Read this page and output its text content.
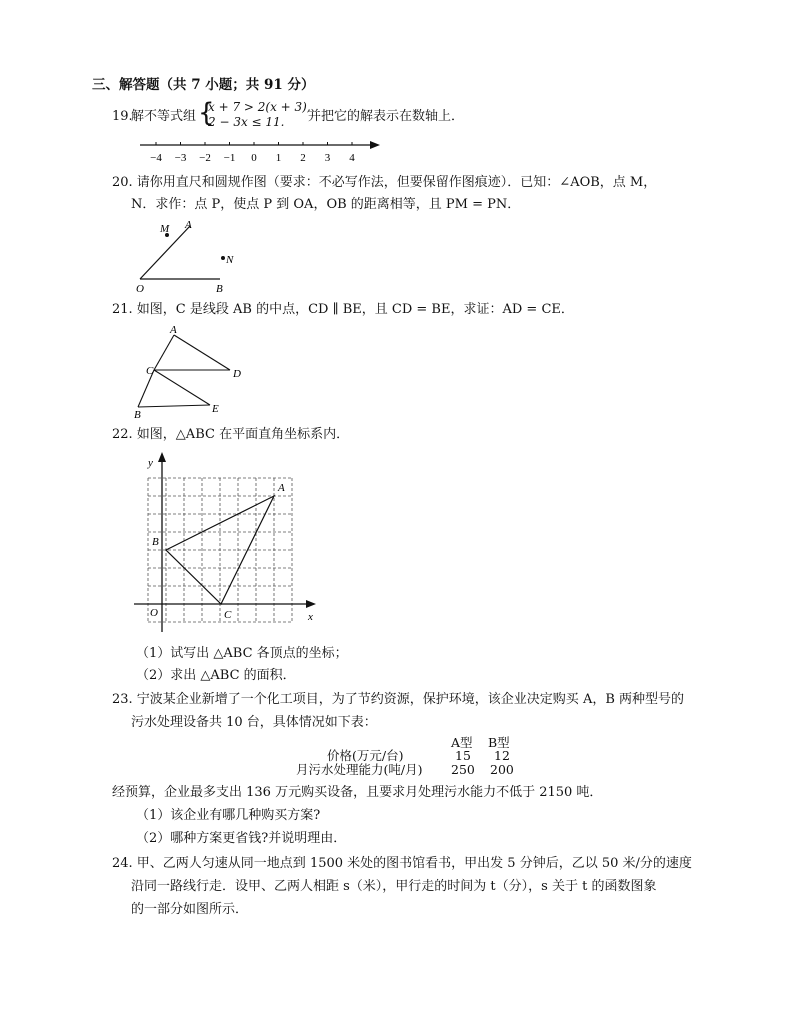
三、解答题（共 7 小题；共 91 分）
19.
解不等式组 {
x + 7 > 2(x + 3),
2 − 3x ≤ 11. 并把它的解表示在数轴上．
−4 −3 −2 −1 0 1 2 3 4
20. 请你用直尺和圆规作图（要求：不必写作法，但要保留作图痕迹）．已知：∠AOB，点 M，
N．求作：点 P，使点 P 到 OA，OB 的距离相等，且 PM = PN．
M A
N
O	B
21. 如图，C 是线段 AB 的中点，CD ∥ BE，且 CD = BE，求证：AD = CE．
A
C	D
B	E
22. 如图，△ABC 在平面直角坐标系内．
y
x
O
A
B
C
（1）试写出 △ABC 各顶点的坐标；
（2）求出 △ABC 的面积．
23. 宁波某企业新增了一个化工项目，为了节约资源，保护环境，该企业决定购买 A，B 两种型号的
污水处理设备共 10 台，具体情况如下表：
A型 B型
价格(万元/台)	15 12
月污水处理能力(吨/月) 250 200
经预算，企业最多支出 136 万元购买设备，且要求月处理污水能力不低于 2150 吨．
（1）该企业有哪几种购买方案?
（2）哪种方案更省钱?并说明理由．
24. 甲、乙两人匀速从同一地点到 1500 米处的图书馆看书，甲出发 5 分钟后，乙以 50 米/分的速度
沿同一路线行走．设甲、乙两人相距 s（米），甲行走的时间为 t（分），s 关于 t 的函数图象
的一部分如图所示．
